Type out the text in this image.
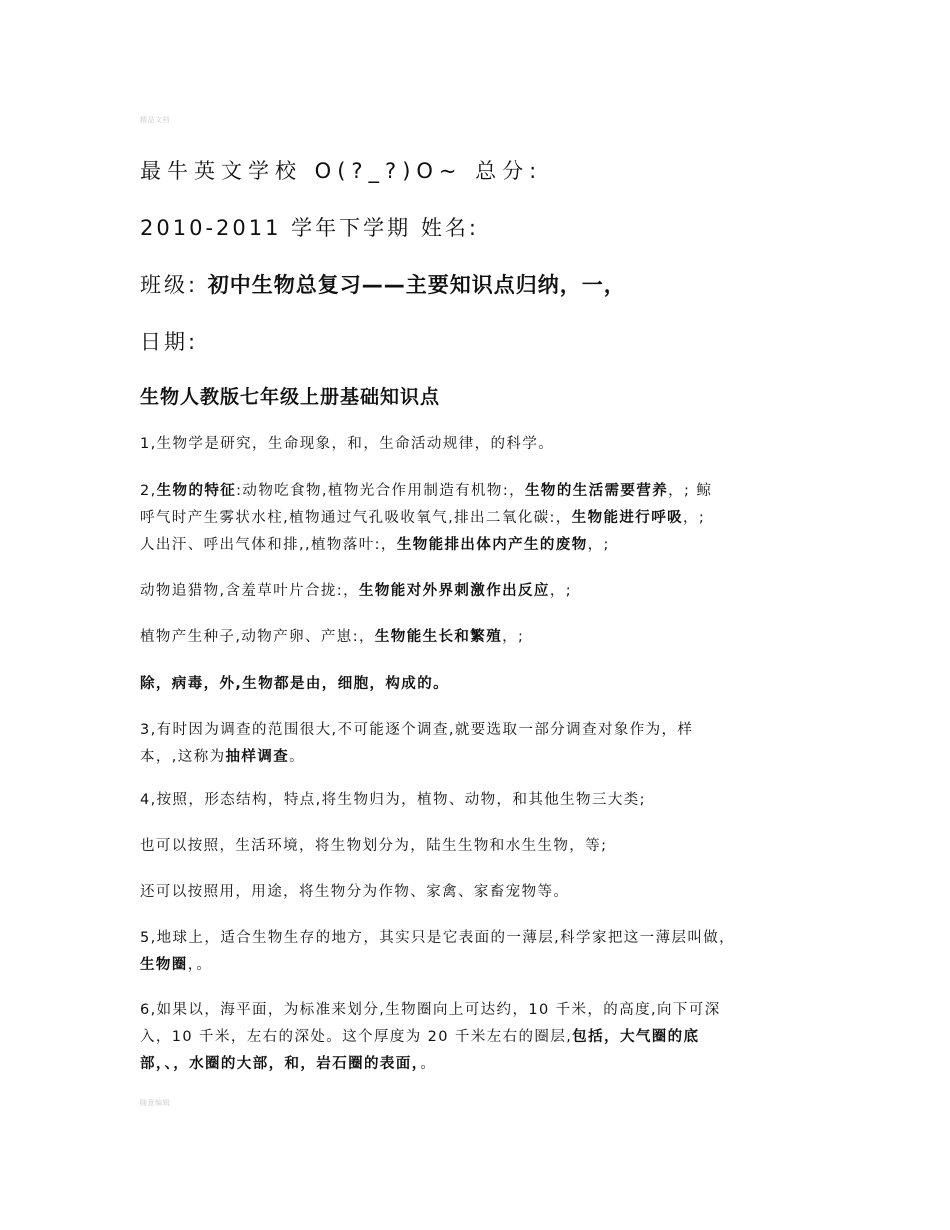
精品文档
最牛英文学校 O(?_?)O~ 总分:
2010-2011 学年下学期 姓名:
班级: 初中生物总复习——主要知识点归纳，一，
日期:
生物人教版七年级上册基础知识点
1,生物学是研究，生命现象，和，生命活动规律，的科学。
2,生物的特征:动物吃食物,植物光合作用制造有机物:，生物的生活需要营养，; 鲸
呼气时产生雾状水柱,植物通过气孔吸收氧气,排出二氧化碳:，生物能进行呼吸，;
人出汗、呼出气体和排,,植物落叶:，生物能排出体内产生的废物，;
动物追猎物,含羞草叶片合拢:，生物能对外界刺激作出反应，;
植物产生种子,动物产卵、产崽:，生物能生长和繁殖，;
除，病毒，外,生物都是由，细胞，构成的。
3,有时因为调查的范围很大,不可能逐个调查,就要选取一部分调查对象作为，样
本，,这称为抽样调查。
4,按照，形态结构，特点,将生物归为，植物、动物，和其他生物三大类;
也可以按照，生活环境，将生物划分为，陆生生物和水生生物，等;
还可以按照用，用途，将生物分为作物、家禽、家畜宠物等。
5,地球上，适合生物生存的地方，其实只是它表面的一薄层,科学家把这一薄层叫做，
生物圈，。
6,如果以，海平面，为标准来划分,生物圈向上可达约，10 千米，的高度,向下可深
入，10 千米，左右的深处。这个厚度为 20 千米左右的圈层,包括，大气圈的底
部，、，水圈的大部，和，岩石圈的表面，。
随意编辑
